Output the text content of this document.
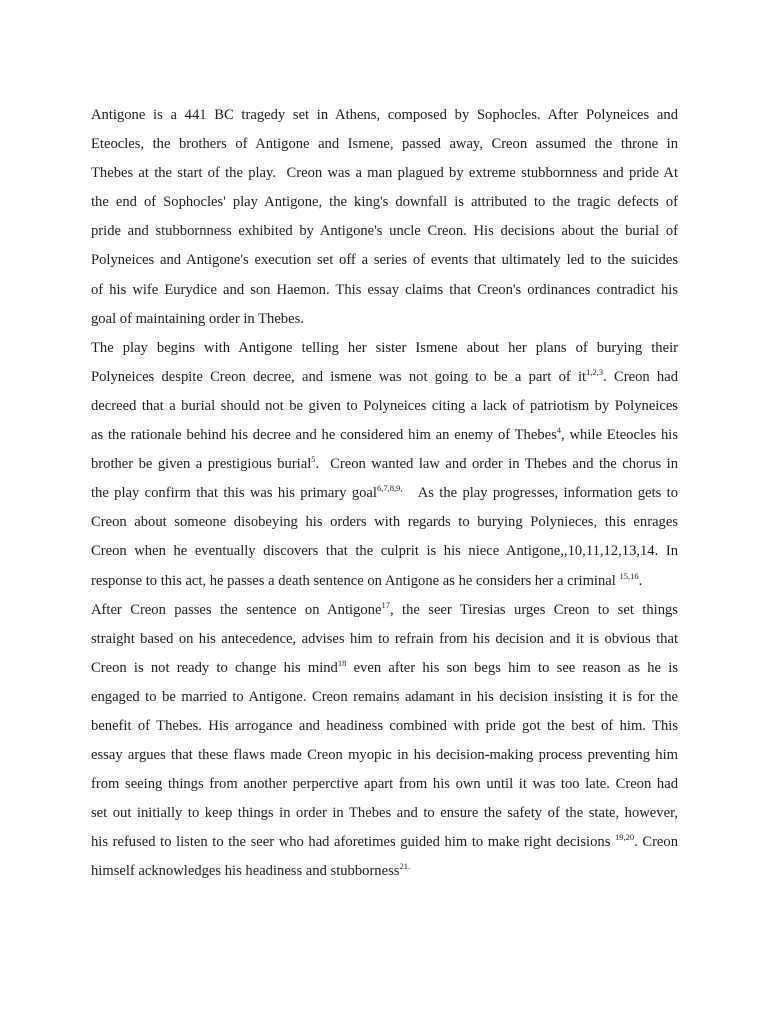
Antigone is a 441 BC tragedy set in Athens, composed by Sophocles. After Polyneices and
Eteocles, the brothers of Antigone and Ismene, passed away, Creon assumed the throne in
Thebes at the start of the play.  Creon was a man plagued by extreme stubbornness and pride At
the end of Sophocles' play Antigone, the king's downfall is attributed to the tragic defects of
pride and stubbornness exhibited by Antigone's uncle Creon. His decisions about the burial of
Polyneices and Antigone's execution set off a series of events that ultimately led to the suicides
of his wife Eurydice and son Haemon. This essay claims that Creon's ordinances contradict his
goal of maintaining order in Thebes.
The play begins with Antigone telling her sister Ismene about her plans of burying their
Polyneices despite Creon decree, and ismene was not going to be a part of it$^{1,2,3}$. Creon had
decreed that a burial should not be given to Polyneices citing a lack of patriotism by Polyneices
as the rationale behind his decree and he considered him an enemy of Thebes$^4$, while Eteocles his
brother be given a prestigious burial$^5$.  Creon wanted law and order in Thebes and the chorus in
the play confirm that this was his primary goal$^{6,7,8,9,}$   As the play progresses, information gets to
Creon about someone disobeying his orders with regards to burying Polynieces, this enrages
Creon when he eventually discovers that the culprit is his niece Antigone,,10,11,12,13,14. In
response to this act, he passes a death sentence on Antigone as he considers her a criminal $^{15,16}$.
After Creon passes the sentence on Antigone$^{17}$, the seer Tiresias urges Creon to set things
straight based on his antecedence, advises him to refrain from his decision and it is obvious that
Creon is not ready to change his mind$^{18}$ even after his son begs him to see reason as he is
engaged to be married to Antigone. Creon remains adamant in his decision insisting it is for the
benefit of Thebes. His arrogance and headiness combined with pride got the best of him. This
essay argues that these flaws made Creon myopic in his decision-making process preventing him
from seeing things from another perperctive apart from his own until it was too late. Creon had
set out initially to keep things in order in Thebes and to ensure the safety of the state, however,
his refused to listen to the seer who had aforetimes guided him to make right decisions $^{19,20}$. Creon
himself acknowledges his headiness and stubborness$^{21.}$
